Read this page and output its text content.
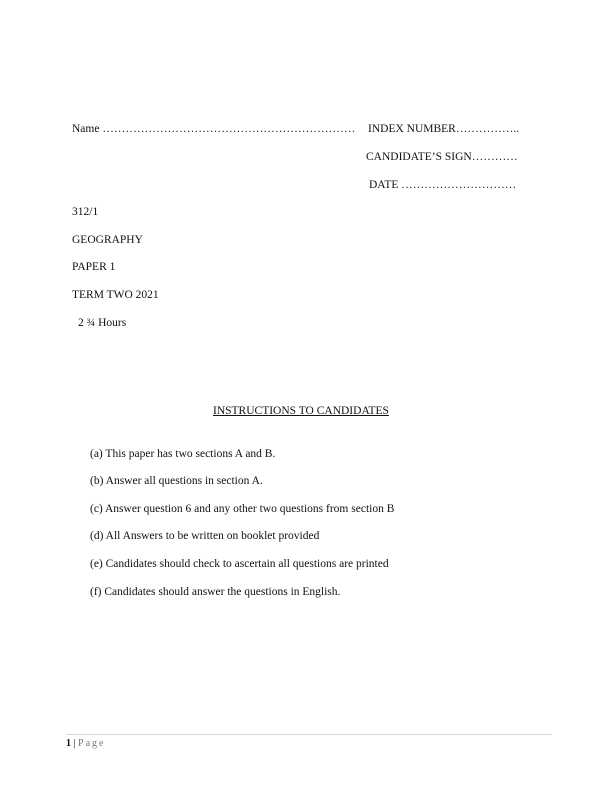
Name ………………………………………………………… INDEX NUMBER……………..
CANDIDATE’S SIGN…………
DATE …………………………
312/1
GEOGRAPHY
PAPER 1
TERM TWO 2021
2 ¾ Hours
INSTRUCTIONS TO CANDIDATES
(a) This paper has two sections A and B.
(b) Answer all questions in section A.
(c) Answer question 6 and any other two questions from section B
(d) All Answers to be written on booklet provided
(e) Candidates should check to ascertain all questions are printed
(f) Candidates should answer the questions in English.
1 | Page
